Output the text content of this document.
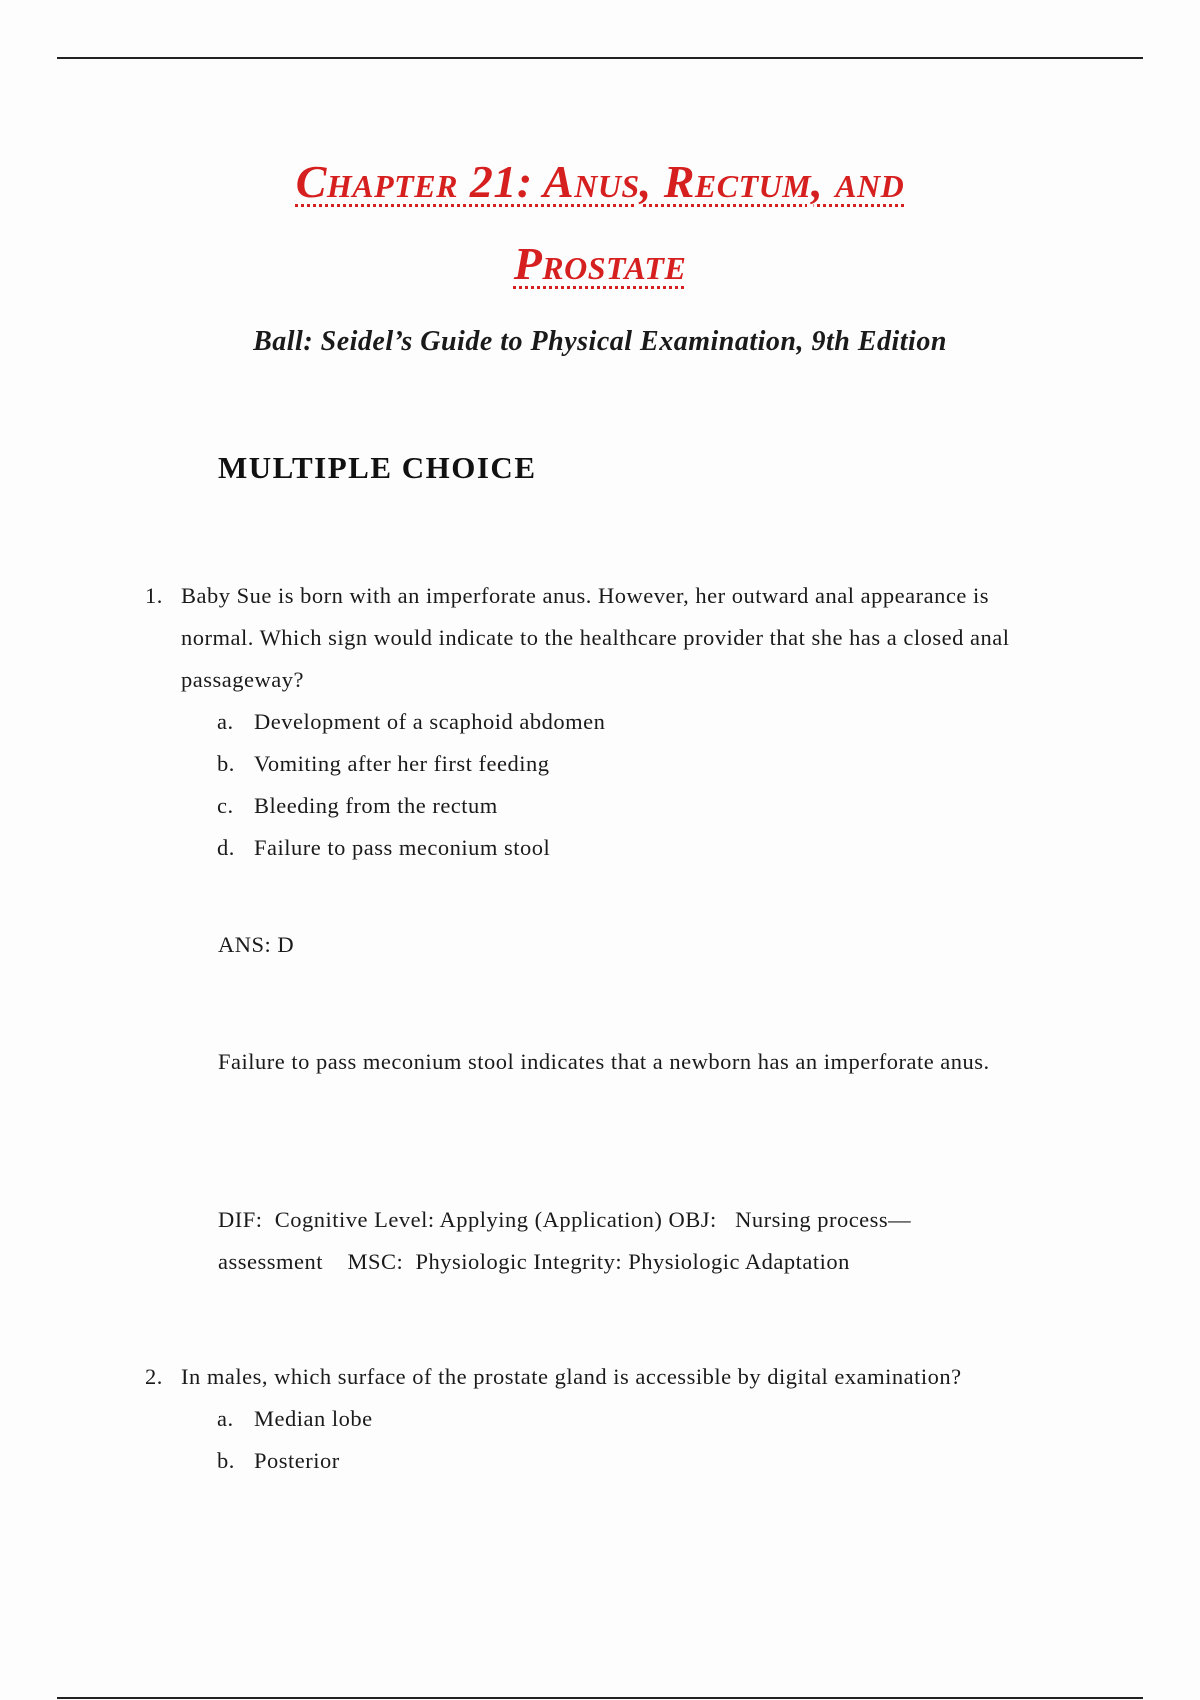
Chapter 21: Anus, Rectum, and
Prostate

Ball: Seidel’s Guide to Physical Examination, 9th Edition

MULTIPLE CHOICE
1. Baby Sue is born with an imperforate anus. However, her outward anal appearance is normal. Which sign would indicate to the healthcare provider that she has a closed anal passageway?
a. Development of a scaphoid abdomen
b. Vomiting after her first feeding
c. Bleeding from the rectum
d. Failure to pass meconium stool

ANS: D

Failure to pass meconium stool indicates that a newborn has an imperforate anus.

DIF:  Cognitive Level: Applying (Application) OBJ:   Nursing process—
assessment    MSC:  Physiologic Integrity: Physiologic Adaptation
2. In males, which surface of the prostate gland is accessible by digital examination?
a. Median lobe
b. Posterior
